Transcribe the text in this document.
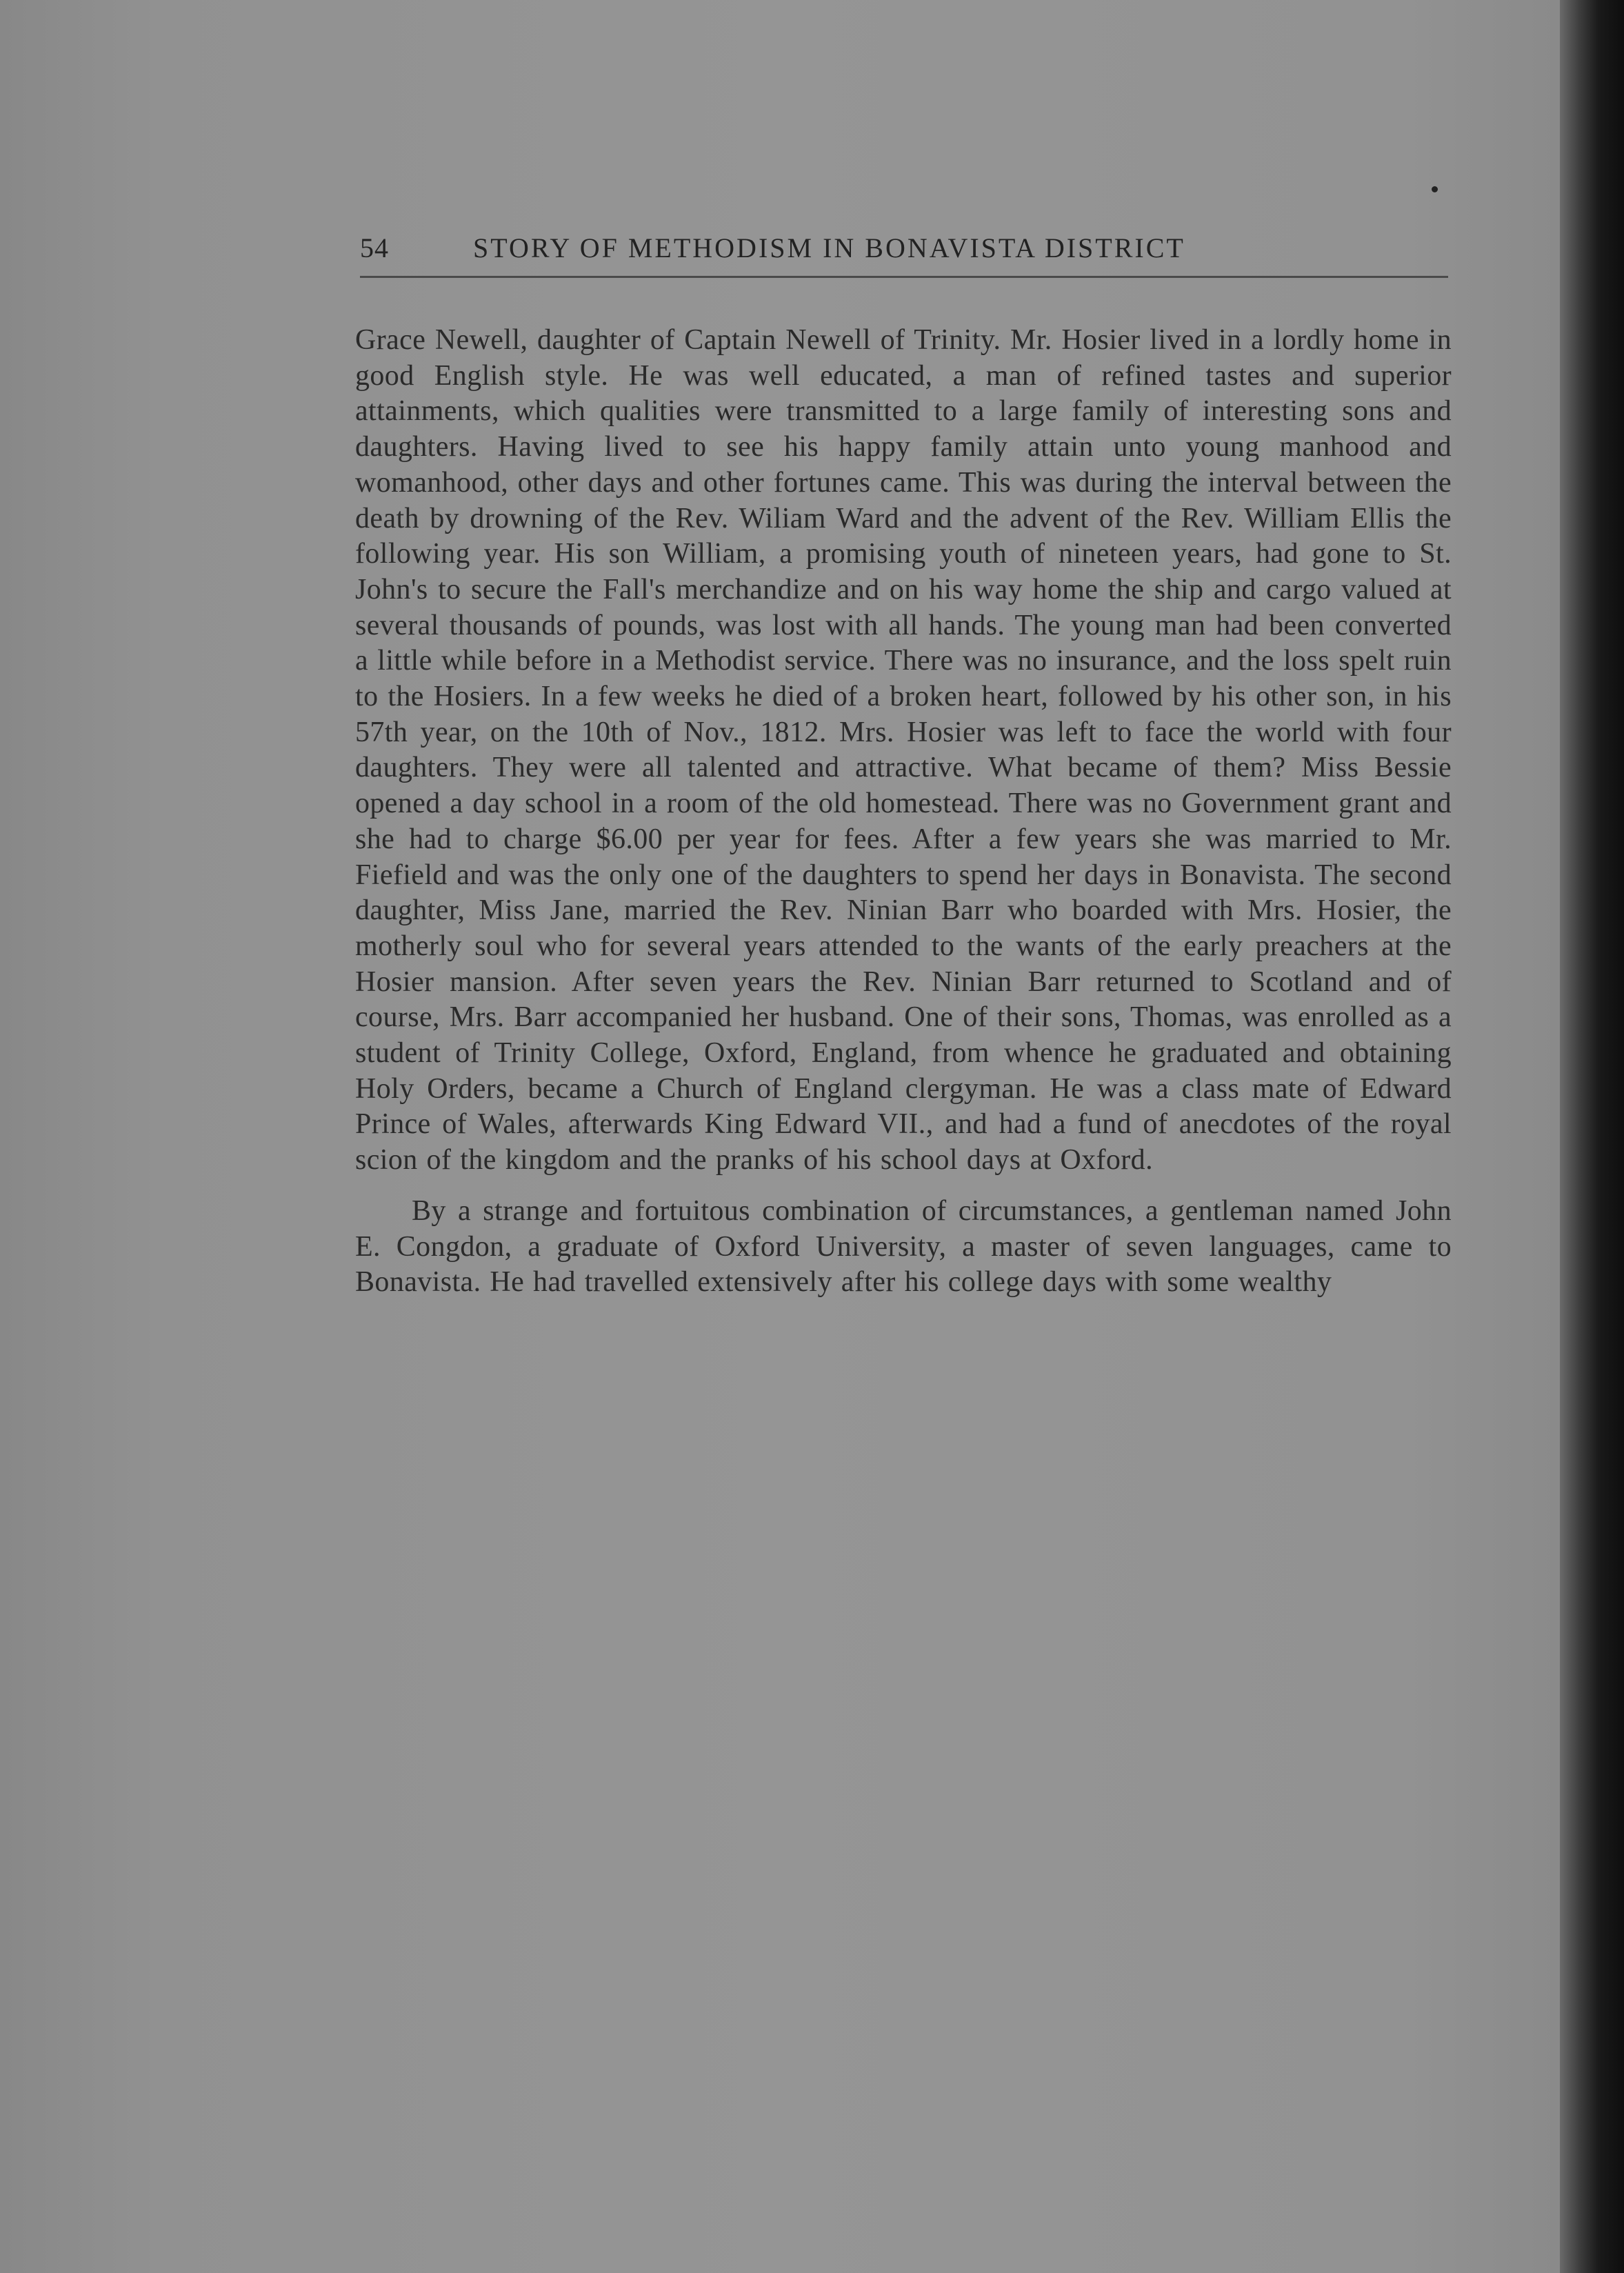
54	STORY OF METHODISM IN BONAVISTA DISTRICT

Grace Newell, daughter of Captain Newell of Trinity. Mr. Hosier lived in a lordly home in good English style. He was well educated, a man of refined tastes and superior attainments, which qualities were transmitted to a large family of interesting sons and daughters. Having lived to see his happy family attain unto young manhood and womanhood, other days and other fortunes came. This was during the interval between the death by drowning of the Rev. Wiliam Ward and the advent of the Rev. William Ellis the following year. His son William, a promising youth of nineteen years, had gone to St. John's to secure the Fall's merchandize and on his way home the ship and cargo valued at several thousands of pounds, was lost with all hands. The young man had been converted a little while before in a Methodist service. There was no insurance, and the loss spelt ruin to the Hosiers. In a few weeks he died of a broken heart, followed by his other son, in his 57th year, on the 10th of Nov., 1812. Mrs. Hosier was left to face the world with four daughters. They were all talented and attractive. What became of them? Miss Bessie opened a day school in a room of the old homestead. There was no Government grant and she had to charge $6.00 per year for fees. After a few years she was married to Mr. Fiefield and was the only one of the daughters to spend her days in Bonavista. The second daughter, Miss Jane, married the Rev. Ninian Barr who boarded with Mrs. Hosier, the motherly soul who for several years attended to the wants of the early preachers at the Hosier mansion. After seven years the Rev. Ninian Barr returned to Scotland and of course, Mrs. Barr accompanied her husband. One of their sons, Thomas, was enrolled as a student of Trinity College, Oxford, England, from whence he graduated and obtaining Holy Orders, became a Church of England clergyman. He was a class mate of Edward Prince of Wales, afterwards King Edward VII., and had a fund of anecdotes of the royal scion of the kingdom and the pranks of his school days at Oxford.

By a strange and fortuitous combination of circumstances, a gentleman named John E. Congdon, a graduate of Oxford University, a master of seven languages, came to Bonavista. He had travelled extensively after his college days with some wealthy
